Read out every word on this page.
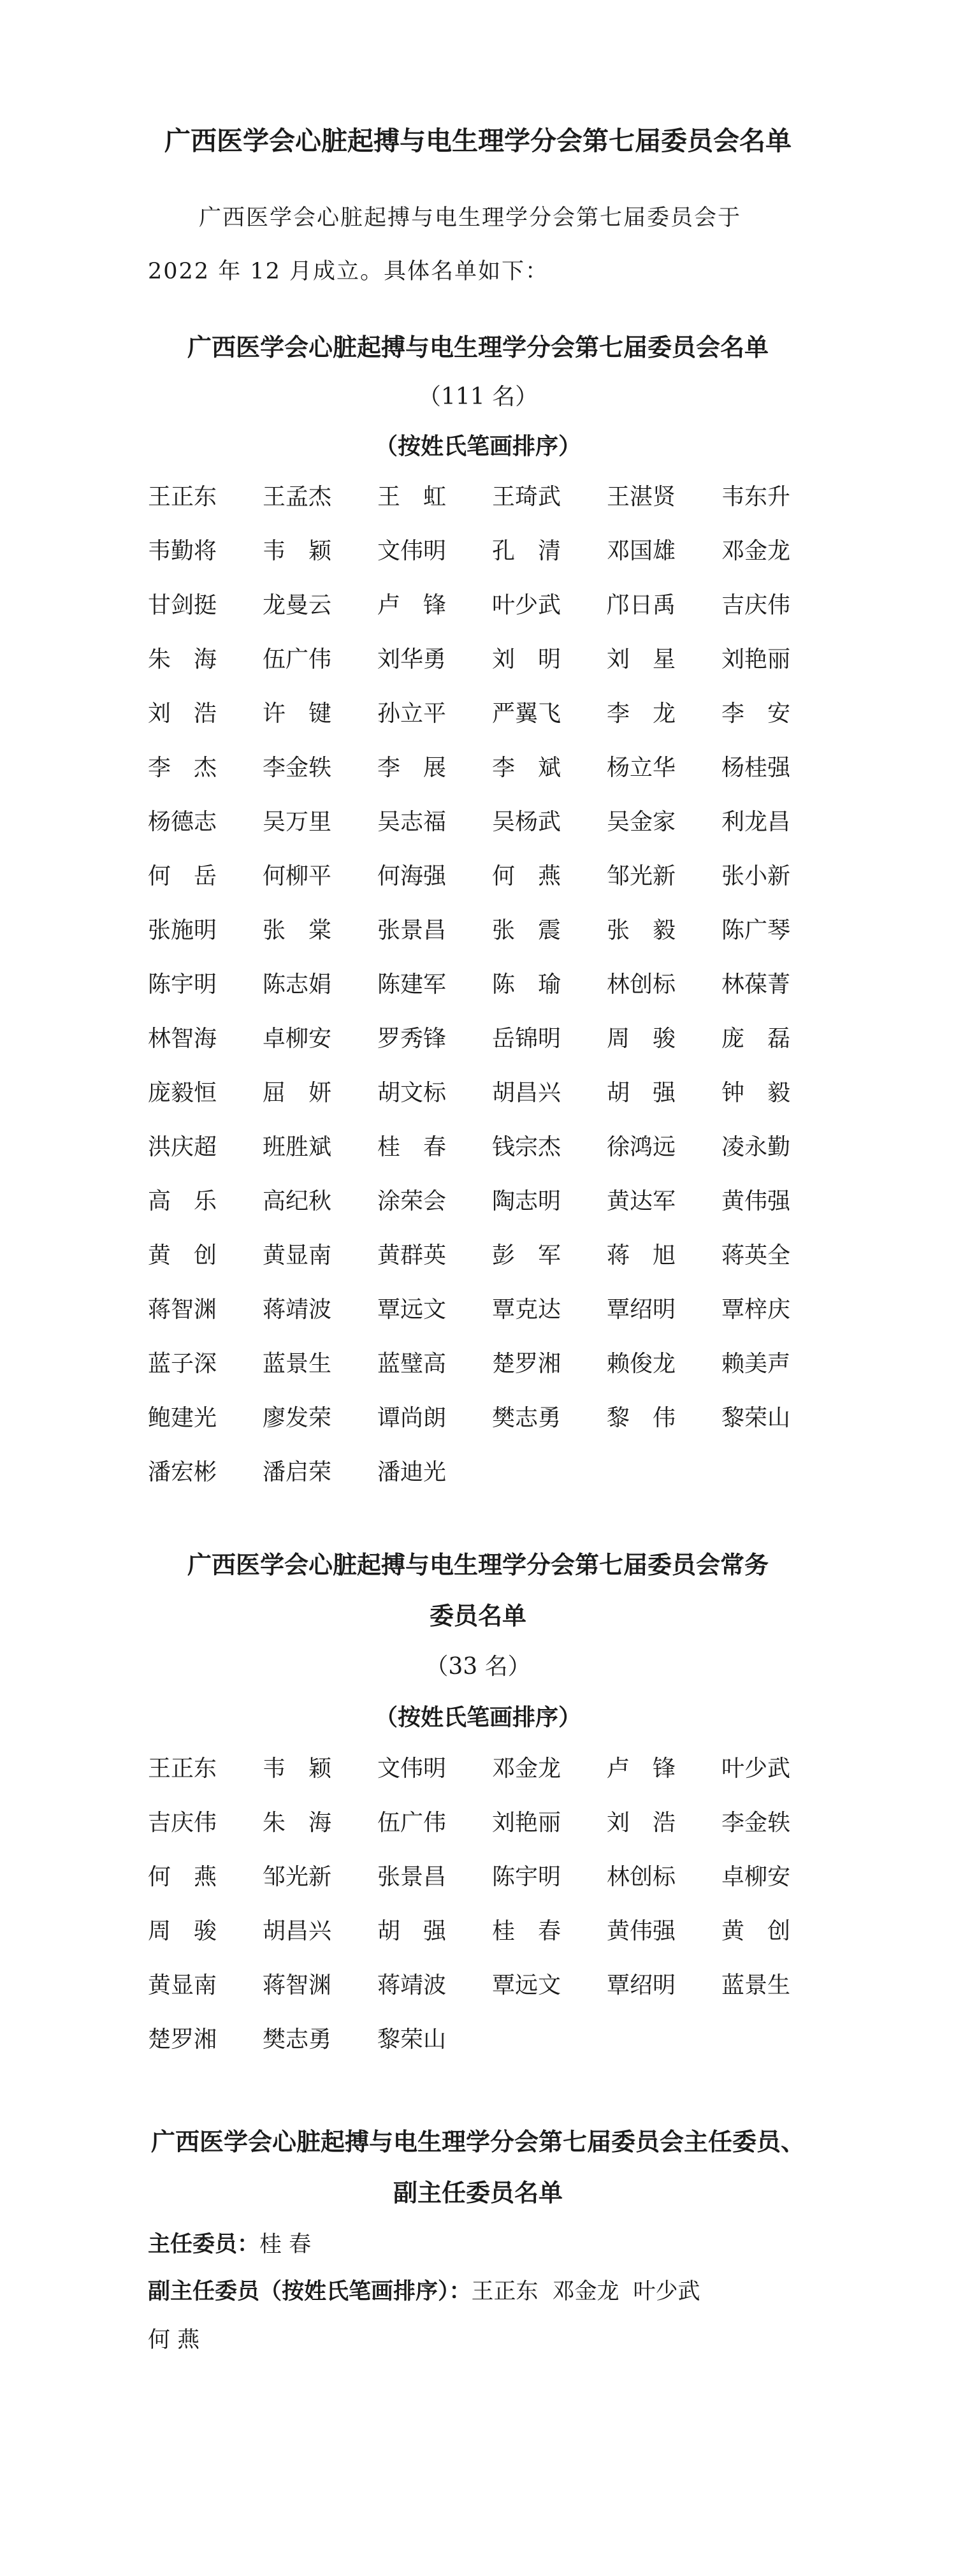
广西医学会心脏起搏与电生理学分会第七届委员会名单
广西医学会心脏起搏与电生理学分会第七届委员会于
2022 年 12 月成立。具体名单如下：
广西医学会心脏起搏与电生理学分会第七届委员会名单
（111 名）
（按姓氏笔画排序）
王正东 王孟杰 王虹 王琦武 王湛贤 韦东升
韦勤将 韦颖 文伟明 孔清 邓国雄 邓金龙
甘剑挺 龙曼云 卢锋 叶少武 邝日禹 吉庆伟
朱海 伍广伟 刘华勇 刘明 刘星 刘艳丽
刘浩 许键 孙立平 严翼飞 李龙 李安
李杰 李金轶 李展 李斌 杨立华 杨桂强
杨德志 吴万里 吴志福 吴杨武 吴金家 利龙昌
何岳 何柳平 何海强 何燕 邹光新 张小新
张施明 张棠 张景昌 张震 张毅 陈广琴
陈宇明 陈志娟 陈建军 陈瑜 林创标 林葆菁
林智海 卓柳安 罗秀锋 岳锦明 周骏 庞磊
庞毅恒 屈妍 胡文标 胡昌兴 胡强 钟毅
洪庆超 班胜斌 桂春 钱宗杰 徐鸿远 凌永勤
高乐 高纪秋 涂荣会 陶志明 黄达军 黄伟强
黄创 黄显南 黄群英 彭军 蒋旭 蒋英全
蒋智渊 蒋靖波 覃远文 覃克达 覃绍明 覃梓庆
蓝子深 蓝景生 蓝璧高 楚罗湘 赖俊龙 赖美声
鲍建光 廖发荣 谭尚朗 樊志勇 黎伟 黎荣山
潘宏彬 潘启荣 潘迪光
广西医学会心脏起搏与电生理学分会第七届委员会常务
委员名单
（33 名）
（按姓氏笔画排序）
王正东 韦颖 文伟明 邓金龙 卢锋 叶少武
吉庆伟 朱海 伍广伟 刘艳丽 刘浩 李金轶
何燕 邹光新 张景昌 陈宇明 林创标 卓柳安
周骏 胡昌兴 胡强 桂春 黄伟强 黄创
黄显南 蒋智渊 蒋靖波 覃远文 覃绍明 蓝景生
楚罗湘 樊志勇 黎荣山
广西医学会心脏起搏与电生理学分会第七届委员会主任委员、
副主任委员名单
主任委员：桂 春
副主任委员（按姓氏笔画排序）：王正东 邓金龙 叶少武
何 燕
